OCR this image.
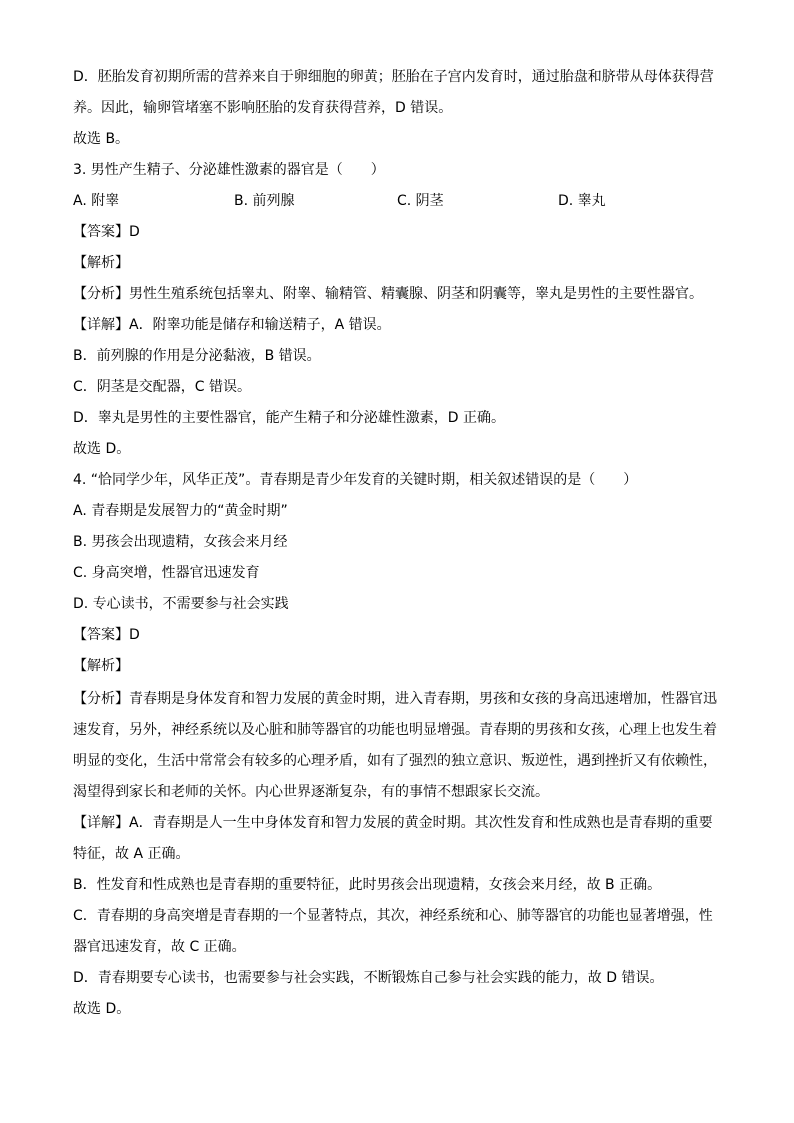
D．胚胎发育初期所需的营养来自于卵细胞的卵黄；胚胎在子宫内发育时，通过胎盘和脐带从母体获得营
养。因此，输卵管堵塞不影响胚胎的发育获得营养，D 错误。
故选 B。
3. 男性产生精子、分泌雄性激素的器官是（　　）
A. 附睾	B. 前列腺	C. 阴茎	D. 睾丸
【答案】D
【解析】
【分析】男性生殖系统包括睾丸、附睾、输精管、精囊腺、阴茎和阴囊等，睾丸是男性的主要性器官。
【详解】A．附睾功能是储存和输送精子，A 错误。
B．前列腺的作用是分泌黏液，B 错误。
C．阴茎是交配器，C 错误。
D．睾丸是男性的主要性器官，能产生精子和分泌雄性激素，D 正确。
故选 D。
4. “恰同学少年，风华正茂”。青春期是青少年发育的关键时期，相关叙述错误的是（　　）
A. 青春期是发展智力的“黄金时期”
B. 男孩会出现遗精，女孩会来月经
C. 身高突增，性器官迅速发育
D. 专心读书，不需要参与社会实践
【答案】D
【解析】
【分析】青春期是身体发育和智力发展的黄金时期，进入青春期，男孩和女孩的身高迅速增加，性器官迅
速发育，另外，神经系统以及心脏和肺等器官的功能也明显增强。青春期的男孩和女孩，心理上也发生着
明显的变化，生活中常常会有较多的心理矛盾，如有了强烈的独立意识、叛逆性，遇到挫折又有依赖性，
渴望得到家长和老师的关怀。内心世界逐渐复杂，有的事情不想跟家长交流。
【详解】A．青春期是人一生中身体发育和智力发展的黄金时期。其次性发育和性成熟也是青春期的重要
特征，故 A 正确。
B．性发育和性成熟也是青春期的重要特征，此时男孩会出现遗精，女孩会来月经，故 B 正确。
C．青春期的身高突增是青春期的一个显著特点，其次，神经系统和心、肺等器官的功能也显著增强，性
器官迅速发育，故 C 正确。
D．青春期要专心读书，也需要参与社会实践，不断锻炼自己参与社会实践的能力，故 D 错误。
故选 D。
